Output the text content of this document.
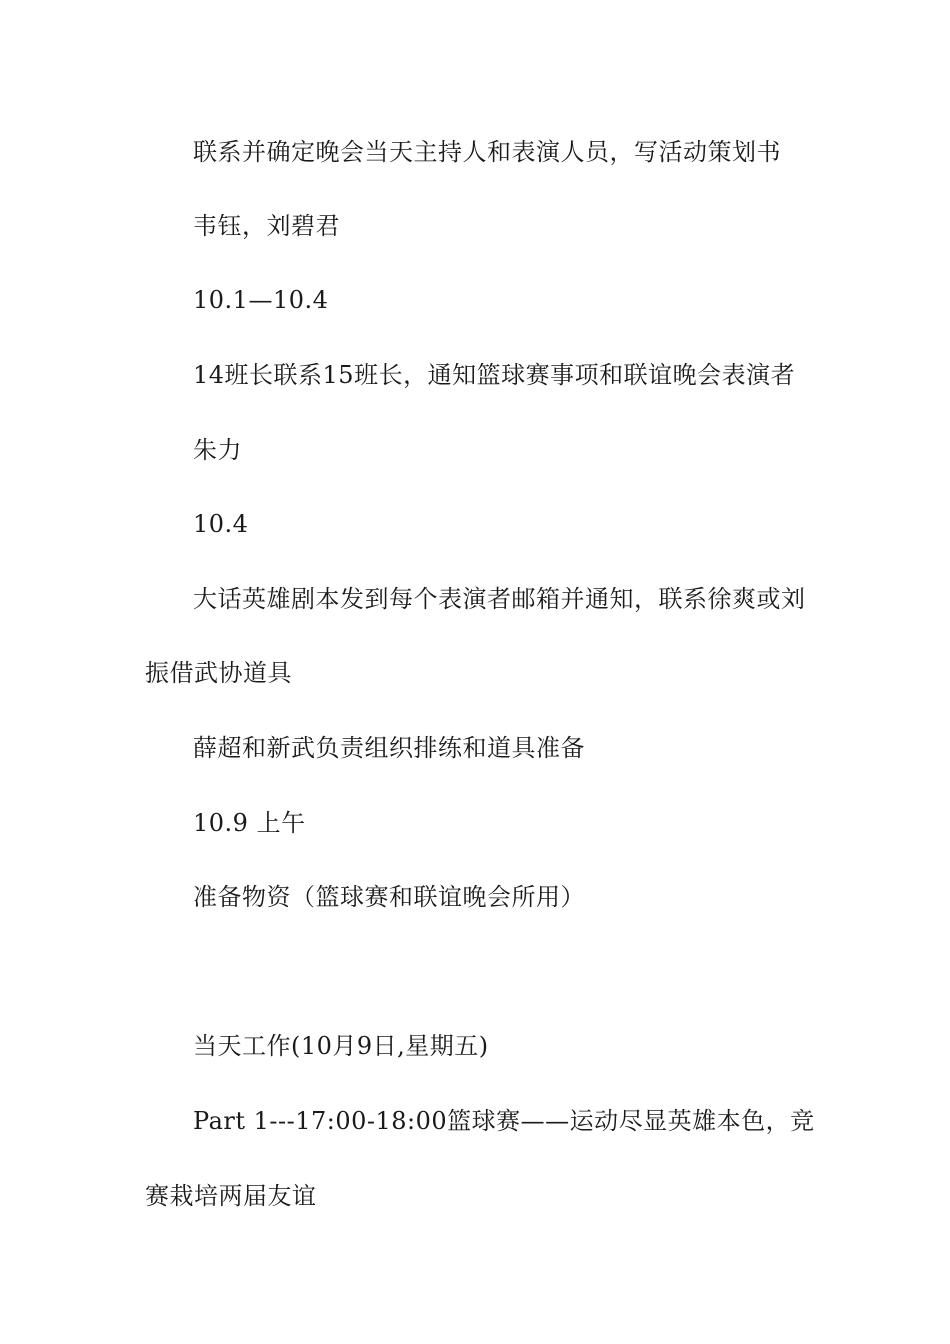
联系并确定晚会当天主持人和表演人员，写活动策划书
韦钰，刘碧君
10.1—10.4
14班长联系15班长，通知篮球赛事项和联谊晚会表演者
朱力
10.4
大话英雄剧本发到每个表演者邮箱并通知，联系徐爽或刘
振借武协道具
薛超和新武负责组织排练和道具准备
10.9 上午
准备物资（篮球赛和联谊晚会所用）
当天工作(10月9日,星期五)
Part 1---17:00-18:00篮球赛——运动尽显英雄本色，竞
赛栽培两届友谊
